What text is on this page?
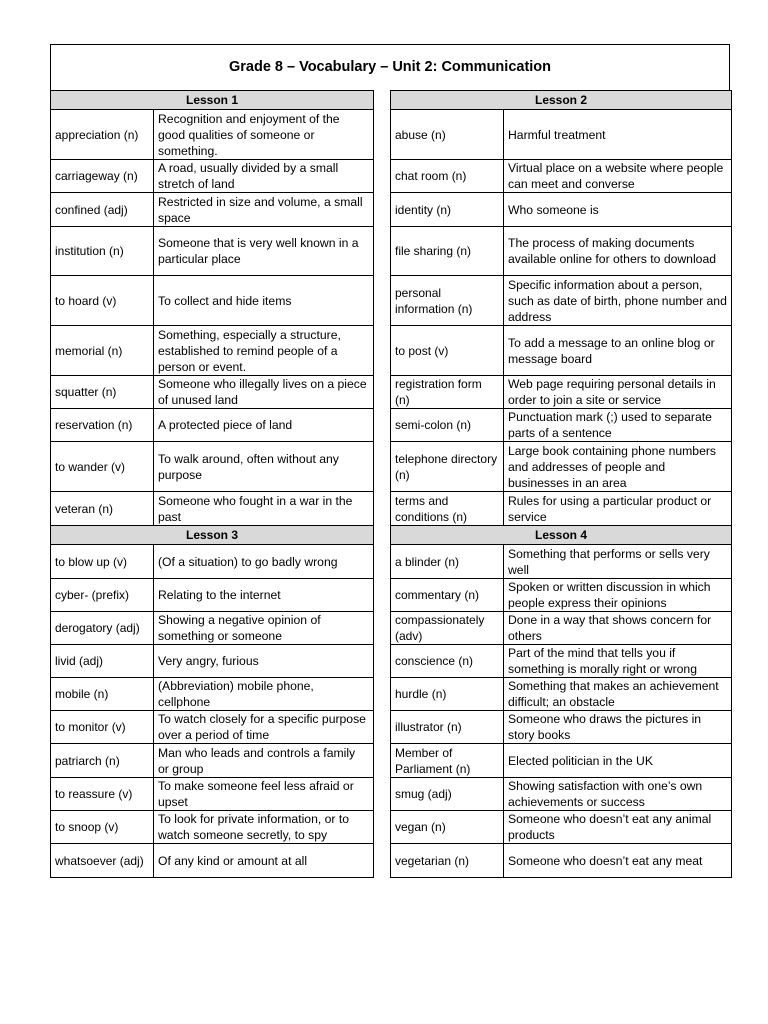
Grade 8 – Vocabulary – Unit 2: Communication
Lesson 1	
appreciation (n)	Recognition and enjoyment of the good qualities of someone or something.
carriageway (n)	A road, usually divided by a small stretch of land
confined (adj)	Restricted in size and volume, a small space
institution (n)	Someone that is very well known in a particular place
to hoard (v)	To collect and hide items
memorial (n)	Something, especially a structure, established to remind people of a person or event.
squatter (n)	Someone who illegally lives on a piece of unused land
reservation (n)	A protected piece of land
to wander (v)	To walk around, often without any purpose
veteran (n)	Someone who fought in a war in the past
Lesson 3	
to blow up (v)	(Of a situation) to go badly wrong
cyber- (prefix)	Relating to the internet
derogatory (adj)	Showing a negative opinion of something or someone
livid (adj)	Very angry, furious
mobile (n)	(Abbreviation) mobile phone, cellphone
to monitor (v)	To watch closely for a specific purpose over a period of time
patriarch (n)	Man who leads and controls a family or group
to reassure (v)	To make someone feel less afraid or upset
to snoop (v)	To look for private information, or to watch someone secretly, to spy
whatsoever (adj)	Of any kind or amount at all
Lesson 2	
abuse (n)	Harmful treatment
chat room (n)	Virtual place on a website where people can meet and converse
identity (n)	Who someone is
file sharing (n)	The process of making documents available online for others to download
personal information (n)	Specific information about a person, such as date of birth, phone number and address
to post (v)	To add a message to an online blog or message board
registration form (n)	Web page requiring personal details in order to join a site or service
semi-colon (n)	Punctuation mark (;) used to separate parts of a sentence
telephone directory (n)	Large book containing phone numbers and addresses of people and businesses in an area
terms and conditions (n)	Rules for using a particular product or service
Lesson 4	
a blinder (n)	Something that performs or sells very well
commentary (n)	Spoken or written discussion in which people express their opinions
compassionately (adv)	Done in a way that shows concern for others
conscience (n)	Part of the mind that tells you if something is morally right or wrong
hurdle (n)	Something that makes an achievement difficult; an obstacle
illustrator (n)	Someone who draws the pictures in story books
Member of Parliament (n)	Elected politician in the UK
smug (adj)	Showing satisfaction with one’s own achievements or success
vegan (n)	Someone who doesn’t eat any animal products
vegetarian (n)	Someone who doesn’t eat any meat
